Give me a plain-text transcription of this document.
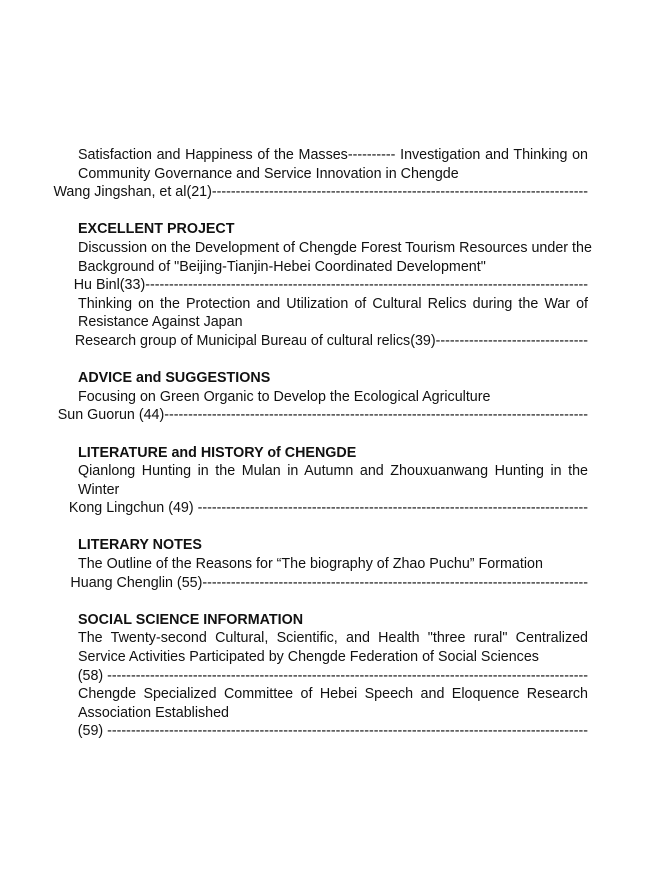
Satisfaction and Happiness of the Masses---------- Investigation and Thinking on
Community Governance and Service Innovation in Chengde
-------------------------------------------------------------------------------Wang Jingshan, et al(21)
EXCELLENT PROJECT
Discussion on the Development of Chengde Forest Tourism Resources under the
Background of "Beijing-Tianjin-Hebei Coordinated Development"
---------------------------------------------------------------------------------------------Hu Binl(33)
Thinking on the Protection and Utilization of Cultural Relics during the War of
Resistance Against Japan
--------------------------------Research group of Municipal Bureau of cultural relics(39)
ADVICE and SUGGESTIONS
Focusing on Green Organic to Develop the Ecological Agriculture
-----------------------------------------------------------------------------------------Sun Guorun (44)
LITERATURE and HISTORY of CHENGDE
Qianlong Hunting in the Mulan in Autumn and Zhouxuanwang Hunting in the
Winter
---------------------------------------------------------------------------------- Kong Lingchun (49)
LITERARY NOTES
The Outline of the Reasons for “The biography of Zhao Puchu” Formation
---------------------------------------------------------------------------------Huang Chenglin (55)
SOCIAL SCIENCE INFORMATION
The Twenty-second Cultural, Scientific, and Health "three rural" Centralized
Service Activities Participated by Chengde Federation of Social Sciences
----------------------------------------------------------------------------------------------------- (58)
Chengde Specialized Committee of Hebei Speech and Eloquence Research
Association Established
----------------------------------------------------------------------------------------------------- (59)
